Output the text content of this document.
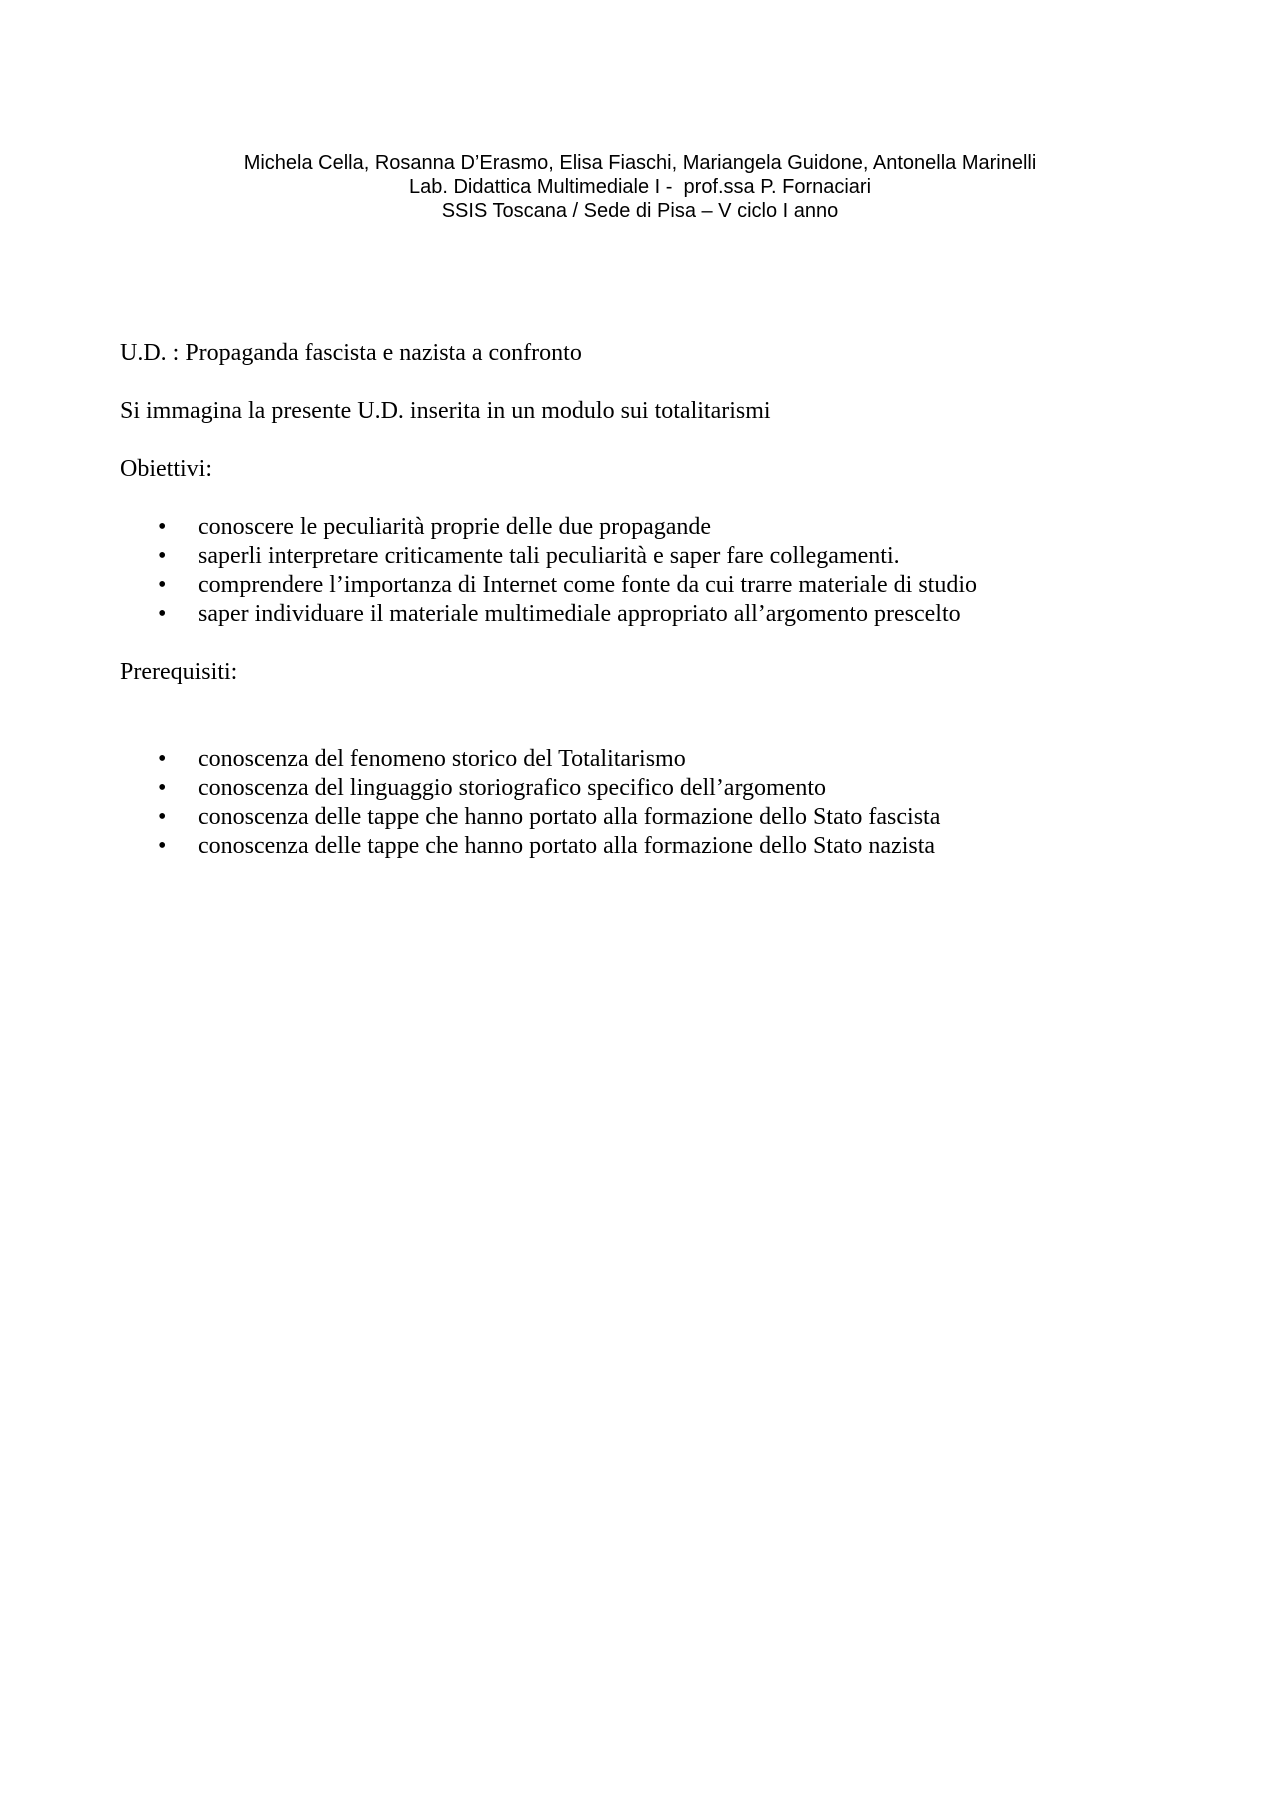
Michela Cella, Rosanna D’Erasmo, Elisa Fiaschi, Mariangela Guidone, Antonella Marinelli
Lab. Didattica Multimediale I -  prof.ssa P. Fornaciari
SSIS Toscana / Sede di Pisa – V ciclo I anno

U.D. : Propaganda fascista e nazista a confronto

Si immagina la presente U.D. inserita in un modulo sui totalitarismi

Obiettivi:

• conoscere le peculiarità proprie delle due propagande
• saperli interpretare criticamente tali peculiarità e saper fare collegamenti.
• comprendere l’importanza di Internet come fonte da cui trarre materiale di studio
• saper individuare il materiale multimediale appropriato all’argomento prescelto

Prerequisiti:

• conoscenza del fenomeno storico del Totalitarismo
• conoscenza del linguaggio storiografico specifico dell’argomento
• conoscenza delle tappe che hanno portato alla formazione dello Stato fascista
• conoscenza delle tappe che hanno portato alla formazione dello Stato nazista
